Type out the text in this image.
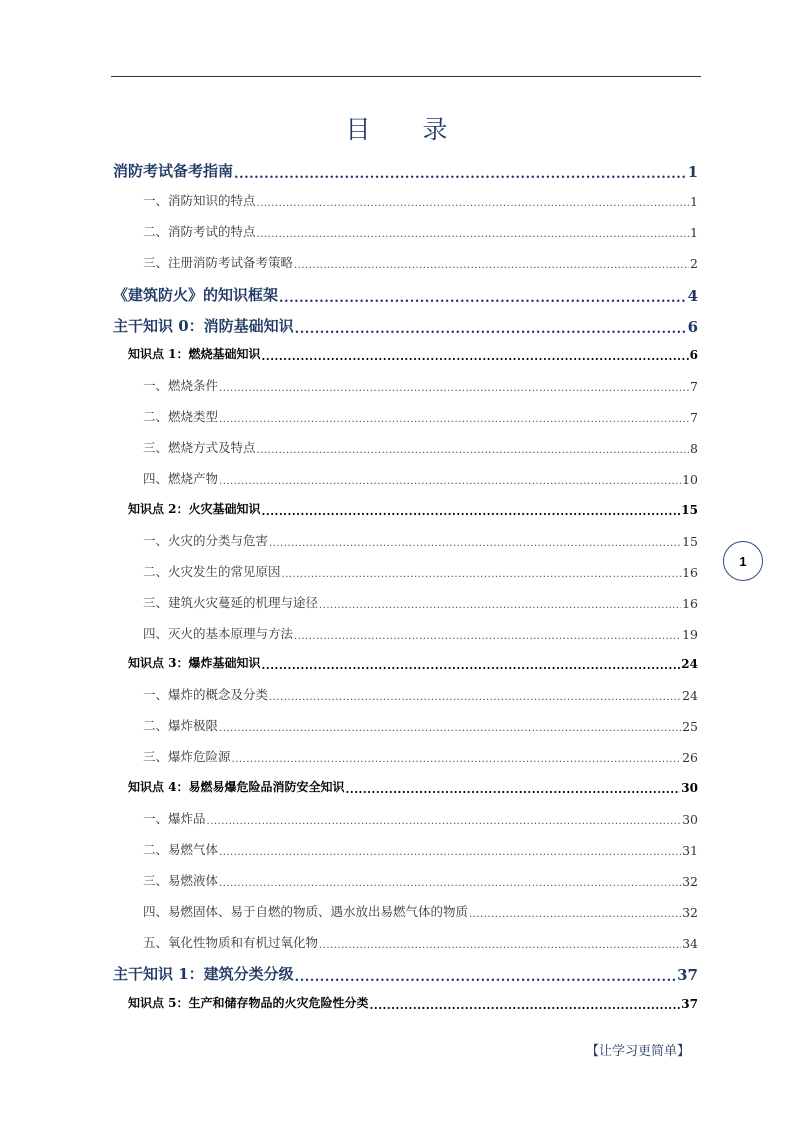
目 录
消防考试备考指南 .....	1
一、消防知识的特点 .....	1
二、消防考试的特点 .....	1
三、注册消防考试备考策略 .....	2
《建筑防火》的知识框架 .....	4
主干知识 0：消防基础知识 .....	6
知识点 1：燃烧基础知识 .....	6
一、燃烧条件 .....	7
二、燃烧类型 .....	7
三、燃烧方式及特点 .....	8
四、燃烧产物 .....	10
知识点 2：火灾基础知识 .....	15
一、火灾的分类与危害 .....	15
二、火灾发生的常见原因 .....	16
三、建筑火灾蔓延的机理与途径 .....	16
四、灭火的基本原理与方法 .....	19
知识点 3：爆炸基础知识 .....	24
一、爆炸的概念及分类 .....	24
二、爆炸极限 .....	25
三、爆炸危险源 .....	26
知识点 4：易燃易爆危险品消防安全知识 .....	30
一、爆炸品 .....	30
二、易燃气体 .....	31
三、易燃液体 .....	32
四、易燃固体、易于自燃的物质、遇水放出易燃气体的物质 .....	32
五、氧化性物质和有机过氧化物 .....	34
主干知识 1：建筑分类分级 .....	37
知识点 5：生产和储存物品的火灾危险性分类 .....	37
1
【让学习更简单】
